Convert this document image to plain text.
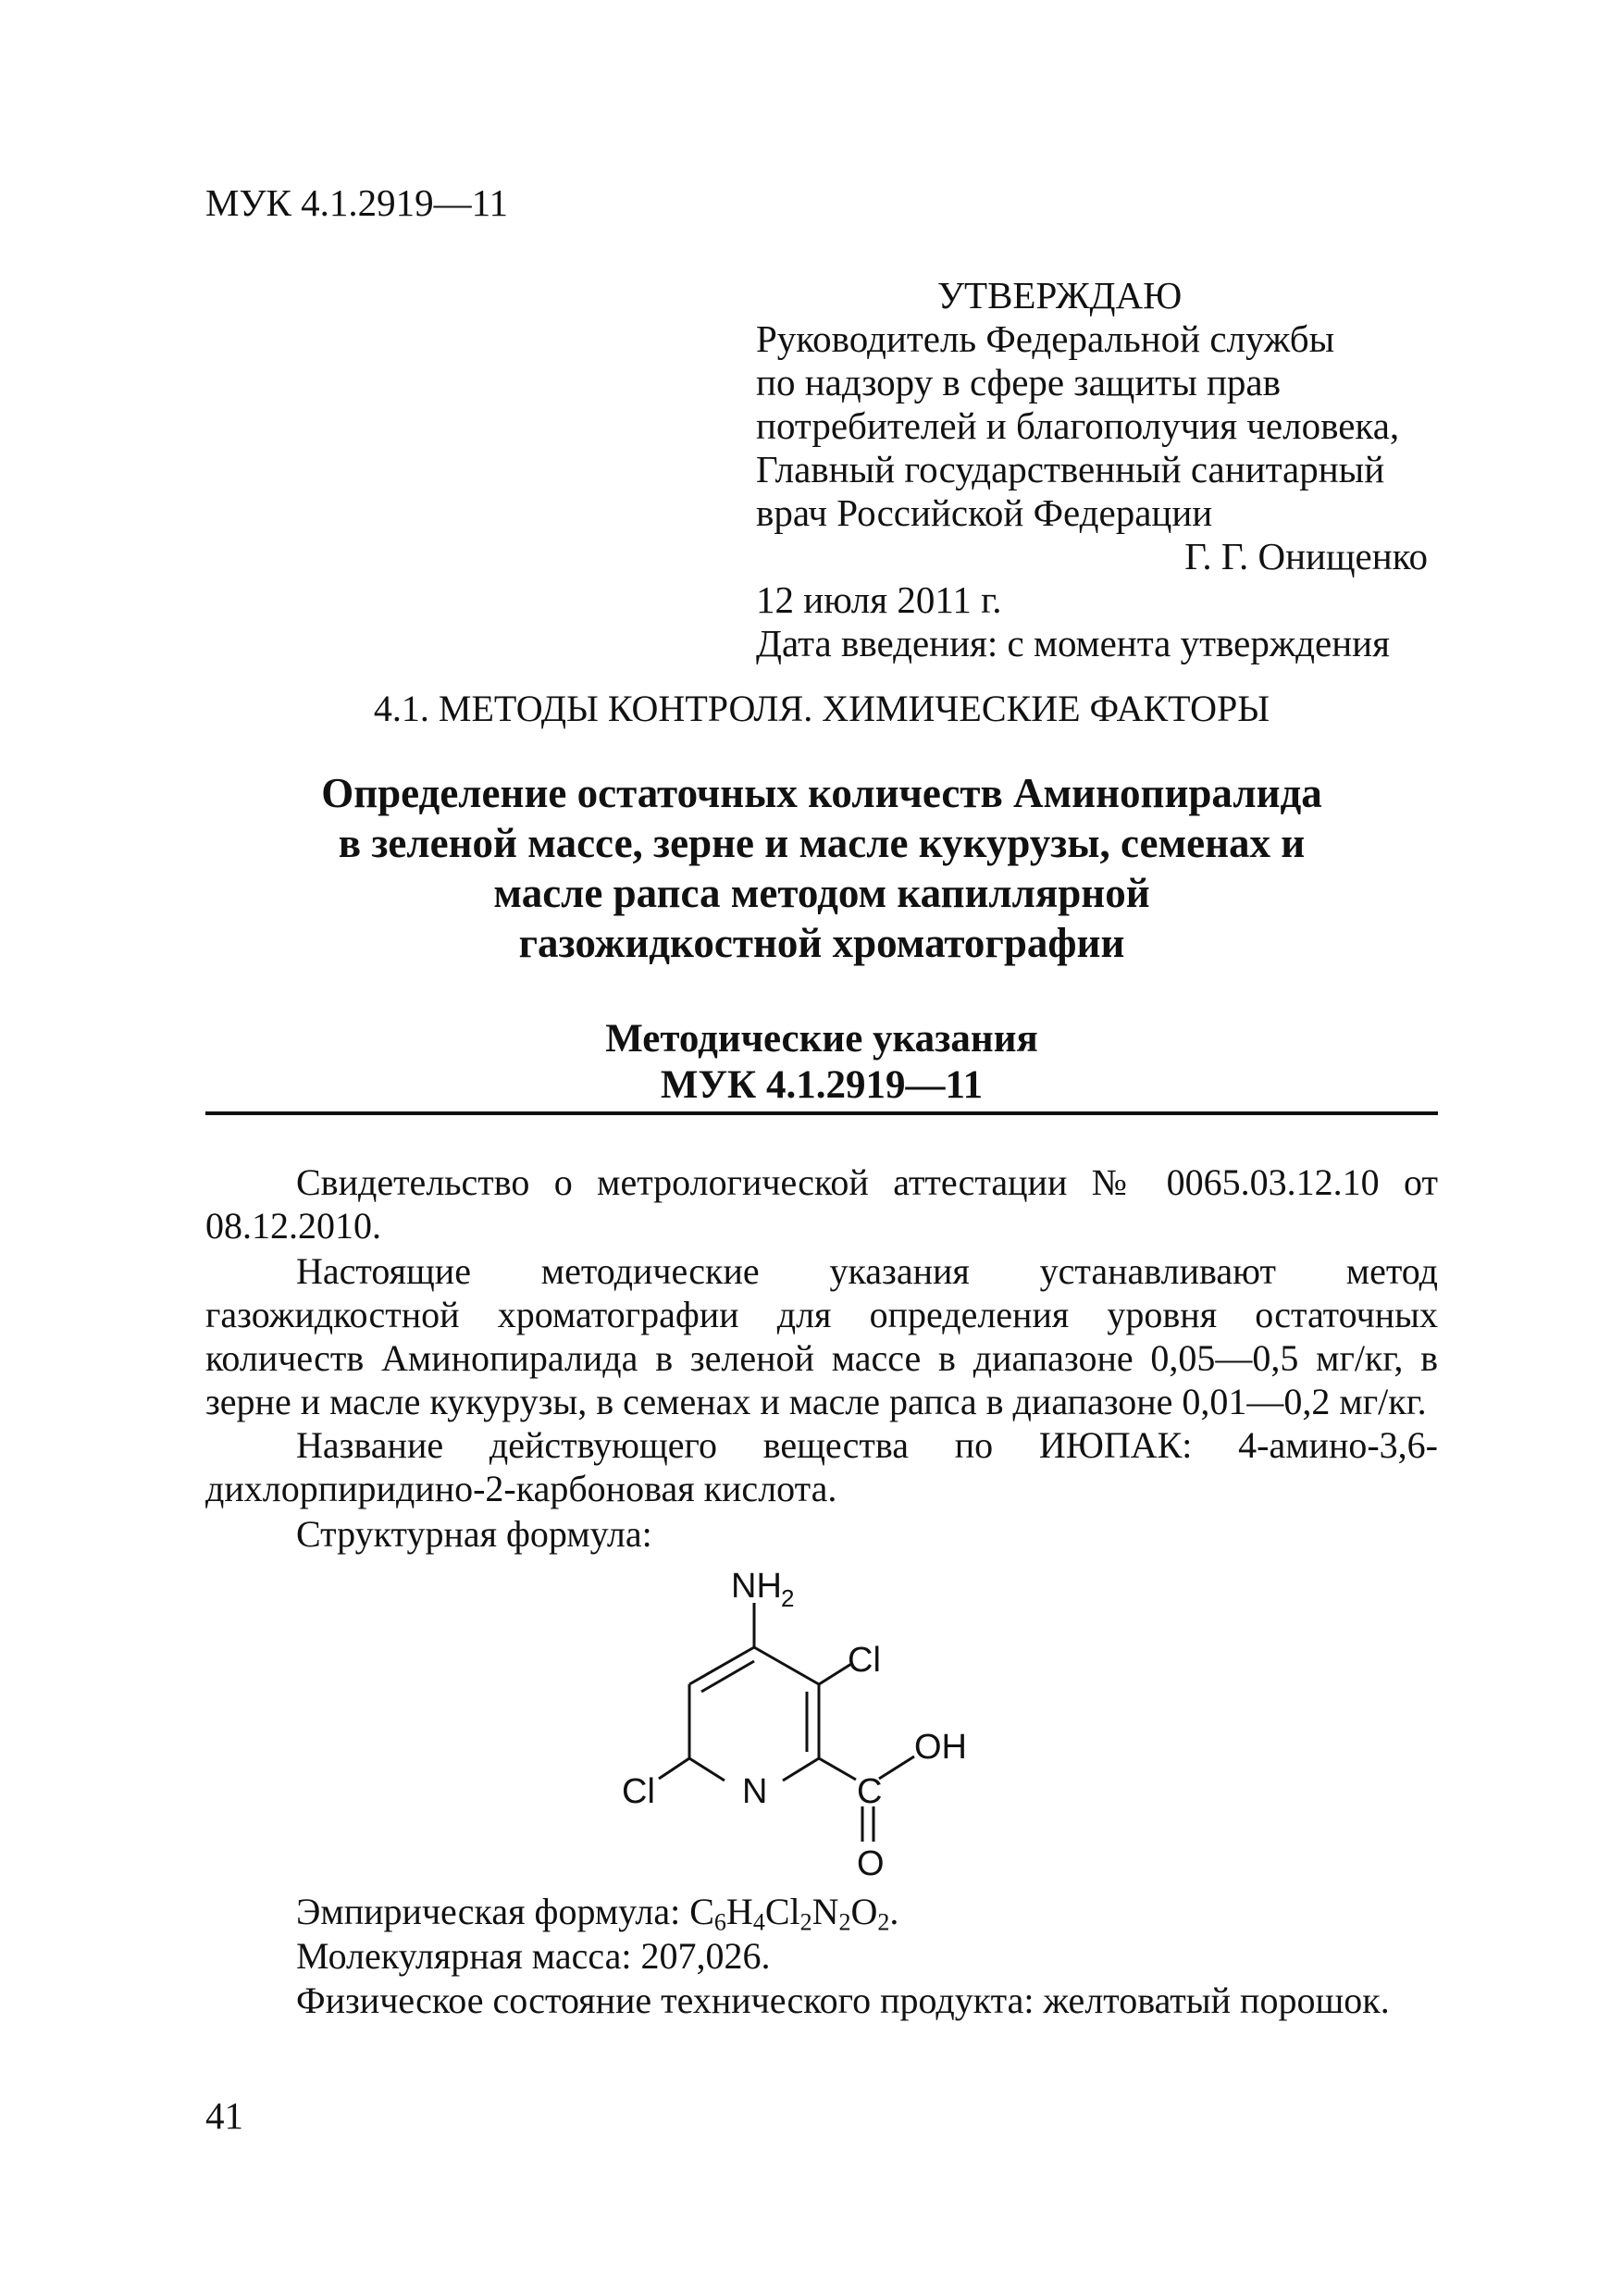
МУК 4.1.2919—11
УТВЕРЖДАЮ
Руководитель Федеральной службы
по надзору в сфере защиты прав
потребителей и благополучия человека,
Главный государственный санитарный
врач Российской Федерации
Г. Г. Онищенко
12 июля 2011 г.
Дата введения: с момента утверждения
4.1. МЕТОДЫ КОНТРОЛЯ. ХИМИЧЕСКИЕ ФАКТОРЫ
Определение остаточных количеств Аминопиралида
в зеленой массе, зерне и масле кукурузы, семенах и
масле рапса методом капиллярной
газожидкостной хроматографии
Методические указания
МУК 4.1.2919—11
Свидетельство о метрологической аттестации № 0065.03.12.10 от 08.12.2010.
Настоящие методические указания устанавливают метод газожидкостной хроматографии для определения уровня остаточных количеств Аминопиралида в зеленой массе в диапазоне 0,05—0,5 мг/кг, в зерне и масле кукурузы, в семенах и масле рапса в диапазоне 0,01—0,2 мг/кг.
Название действующего вещества по ИЮПАК: 4-амино-3,6-дихлорпиридино-2-карбоновая кислота.
Структурная формула:
NH 2
Cl
OH
Cl N	C
O
Эмпирическая формула: $C_6H_4Cl_2N_2O_2$.
Молекулярная масса: 207,026.
Физическое состояние технического продукта: желтоватый порошок.
41
